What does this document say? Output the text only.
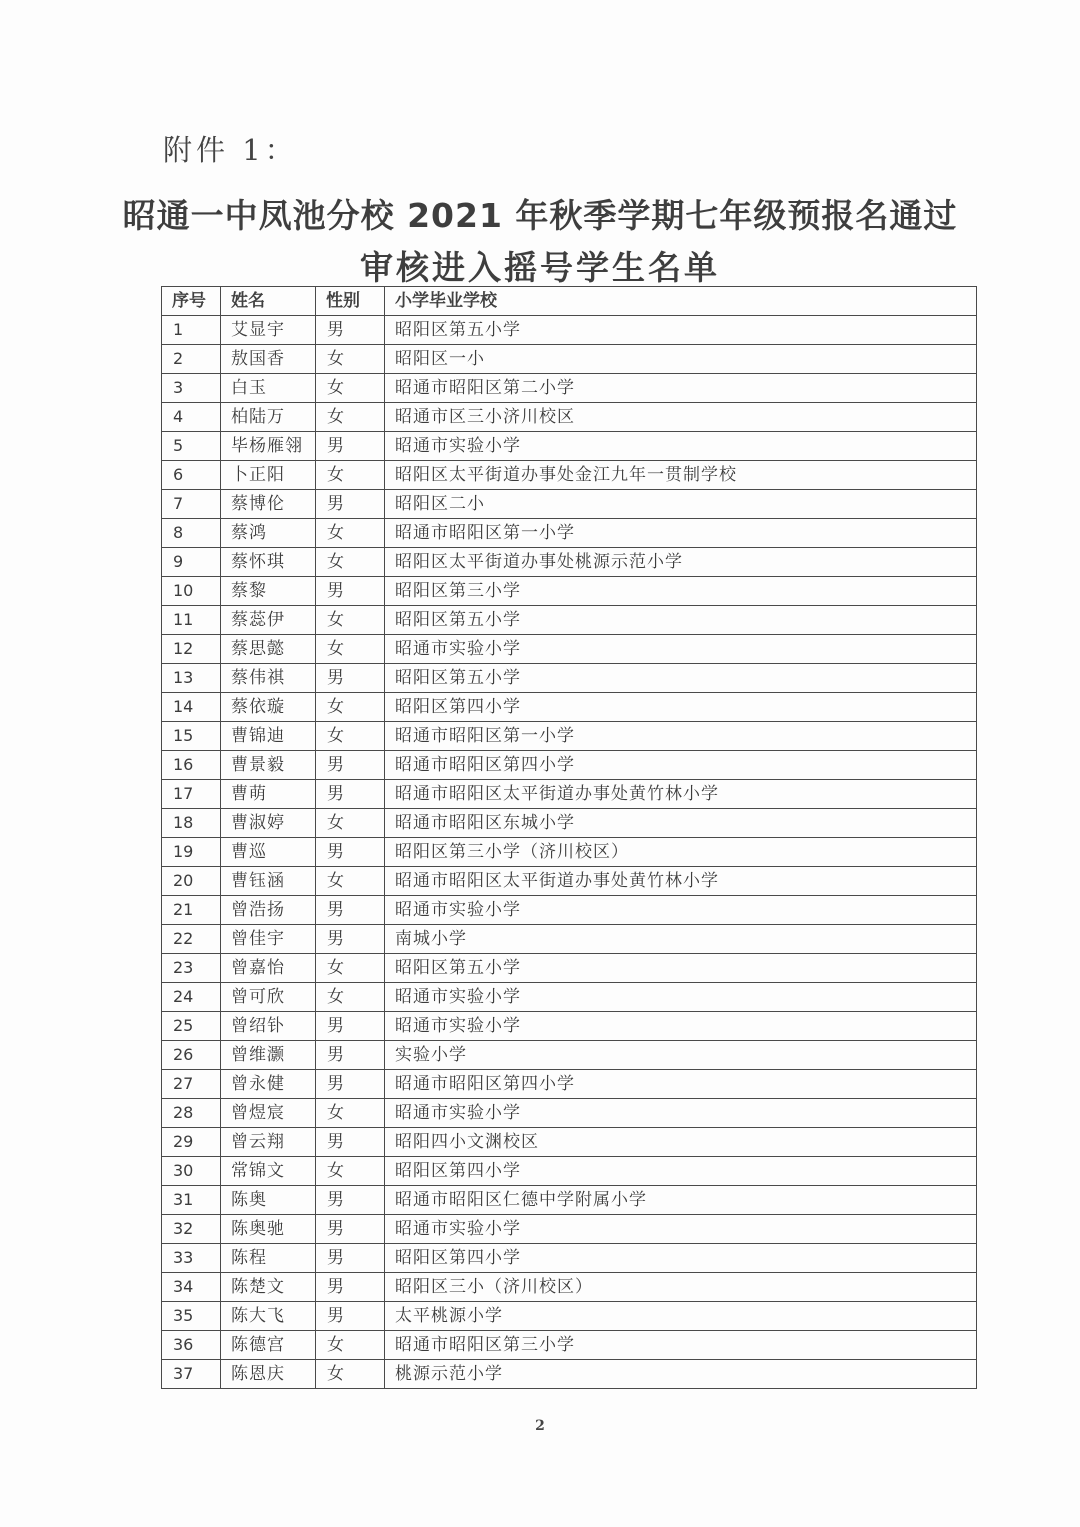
附件 1：
昭通一中凤池分校 2021 年秋季学期七年级预报名通过
审核进入摇号学生名单
序号	姓名	性别	小学毕业学校
1	艾显宇	男	昭阳区第五小学
2	敖国香	女	昭阳区一小
3	白玉	女	昭通市昭阳区第二小学
4	柏陆万	女	昭通市区三小济川校区
5	毕杨雁翎	男	昭通市实验小学
6	卜正阳	女	昭阳区太平街道办事处金江九年一贯制学校
7	蔡博伦	男	昭阳区二小
8	蔡鸿	女	昭通市昭阳区第一小学
9	蔡怀琪	女	昭阳区太平街道办事处桃源示范小学
10	蔡黎	男	昭阳区第三小学
11	蔡蕊伊	女	昭阳区第五小学
12	蔡思懿	女	昭通市实验小学
13	蔡伟祺	男	昭阳区第五小学
14	蔡依璇	女	昭阳区第四小学
15	曹锦迪	女	昭通市昭阳区第一小学
16	曹景毅	男	昭通市昭阳区第四小学
17	曹萌	男	昭通市昭阳区太平街道办事处黄竹林小学
18	曹淑婷	女	昭通市昭阳区东城小学
19	曹巡	男	昭阳区第三小学（济川校区）
20	曹钰涵	女	昭通市昭阳区太平街道办事处黄竹林小学
21	曾浩扬	男	昭通市实验小学
22	曾佳宇	男	南城小学
23	曾嘉怡	女	昭阳区第五小学
24	曾可欣	女	昭通市实验小学
25	曾绍钋	男	昭通市实验小学
26	曾维灏	男	实验小学
27	曾永健	男	昭通市昭阳区第四小学
28	曾煜宸	女	昭通市实验小学
29	曾云翔	男	昭阳四小文渊校区
30	常锦文	女	昭阳区第四小学
31	陈奥	男	昭通市昭阳区仁德中学附属小学
32	陈奥驰	男	昭通市实验小学
33	陈程	男	昭阳区第四小学
34	陈楚文	男	昭阳区三小（济川校区）
35	陈大飞	男	太平桃源小学
36	陈德宫	女	昭通市昭阳区第三小学
37	陈恩庆	女	桃源示范小学
2
